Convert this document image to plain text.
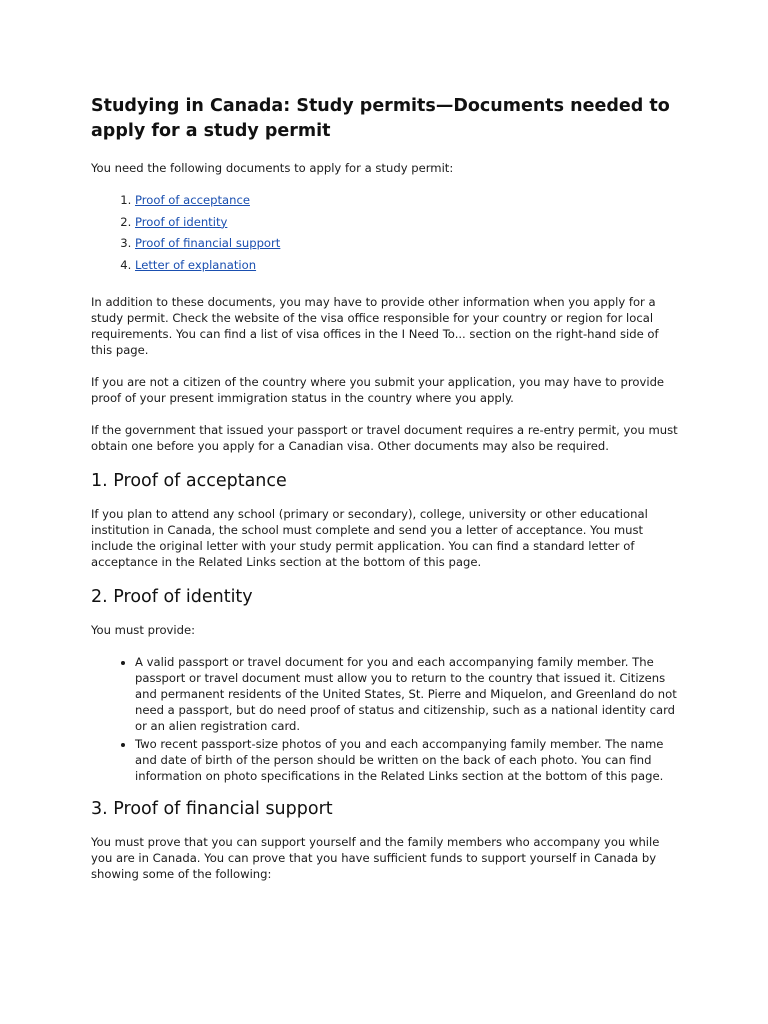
Studying in Canada: Study permits—Documents needed to apply for a study permit

You need the following documents to apply for a study permit:

1. Proof of acceptance
2. Proof of identity
3. Proof of financial support
4. Letter of explanation

In addition to these documents, you may have to provide other information when you apply for a study permit. Check the website of the visa office responsible for your country or region for local requirements. You can find a list of visa offices in the I Need To... section on the right-hand side of this page.

If you are not a citizen of the country where you submit your application, you may have to provide proof of your present immigration status in the country where you apply.

If the government that issued your passport or travel document requires a re-entry permit, you must obtain one before you apply for a Canadian visa. Other documents may also be required.

1. Proof of acceptance

If you plan to attend any school (primary or secondary), college, university or other educational institution in Canada, the school must complete and send you a letter of acceptance. You must include the original letter with your study permit application. You can find a standard letter of acceptance in the Related Links section at the bottom of this page.

2. Proof of identity

You must provide:

• A valid passport or travel document for you and each accompanying family member. The passport or travel document must allow you to return to the country that issued it. Citizens and permanent residents of the United States, St. Pierre and Miquelon, and Greenland do not need a passport, but do need proof of status and citizenship, such as a national identity card or an alien registration card.
• Two recent passport-size photos of you and each accompanying family member. The name and date of birth of the person should be written on the back of each photo. You can find information on photo specifications in the Related Links section at the bottom of this page.
3. Proof of financial support

You must prove that you can support yourself and the family members who accompany you while you are in Canada. You can prove that you have sufficient funds to support yourself in Canada by showing some of the following:
